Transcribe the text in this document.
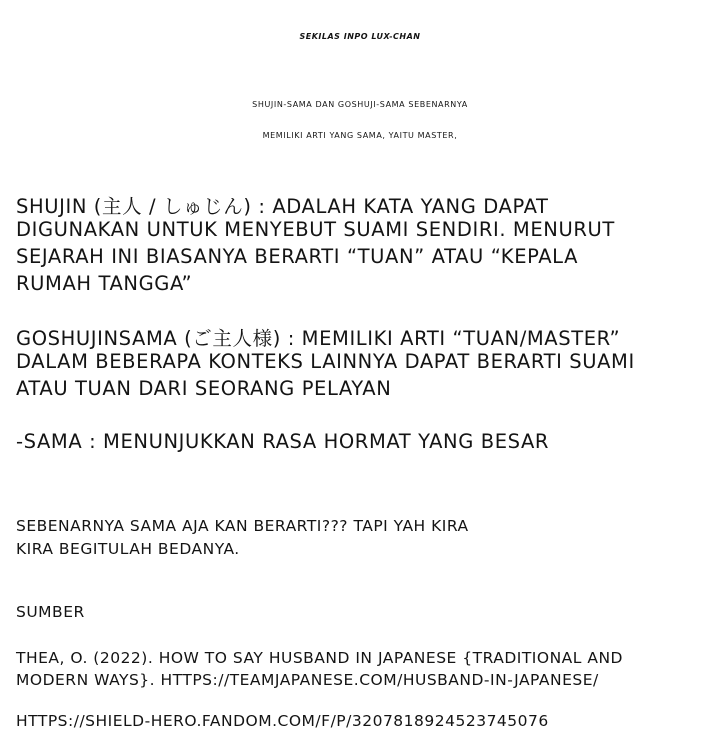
SEKILAS INPO LUX-CHAN
SHUJIN-SAMA DAN GOSHUJI-SAMA SEBENARNYA
MEMILIKI ARTI YANG SAMA, YAITU MASTER,
SHUJIN (主人 / しゅじん) : ADALAH KATA YANG DAPAT
DIGUNAKAN UNTUK MENYEBUT SUAMI SENDIRI. MENURUT
SEJARAH INI BIASANYA BERARTI “TUAN” ATAU “KEPALA
RUMAH TANGGA”
GOSHUJINSAMA (ご主人様) : MEMILIKI ARTI “TUAN/MASTER”
DALAM BEBERAPA KONTEKS LAINNYA DAPAT BERARTI SUAMI
ATAU TUAN DARI SEORANG PELAYAN
-SAMA : MENUNJUKKAN RASA HORMAT YANG BESAR
SEBENARNYA SAMA AJA KAN BERARTI??? TAPI YAH KIRA
KIRA BEGITULAH BEDANYA.
SUMBER
THEA, O. (2022). HOW TO SAY HUSBAND IN JAPANESE {TRADITIONAL AND
MODERN WAYS}. HTTPS://TEAMJAPANESE.COM/HUSBAND-IN-JAPANESE/
HTTPS://SHIELD-HERO.FANDOM.COM/F/P/3207818924523745076
